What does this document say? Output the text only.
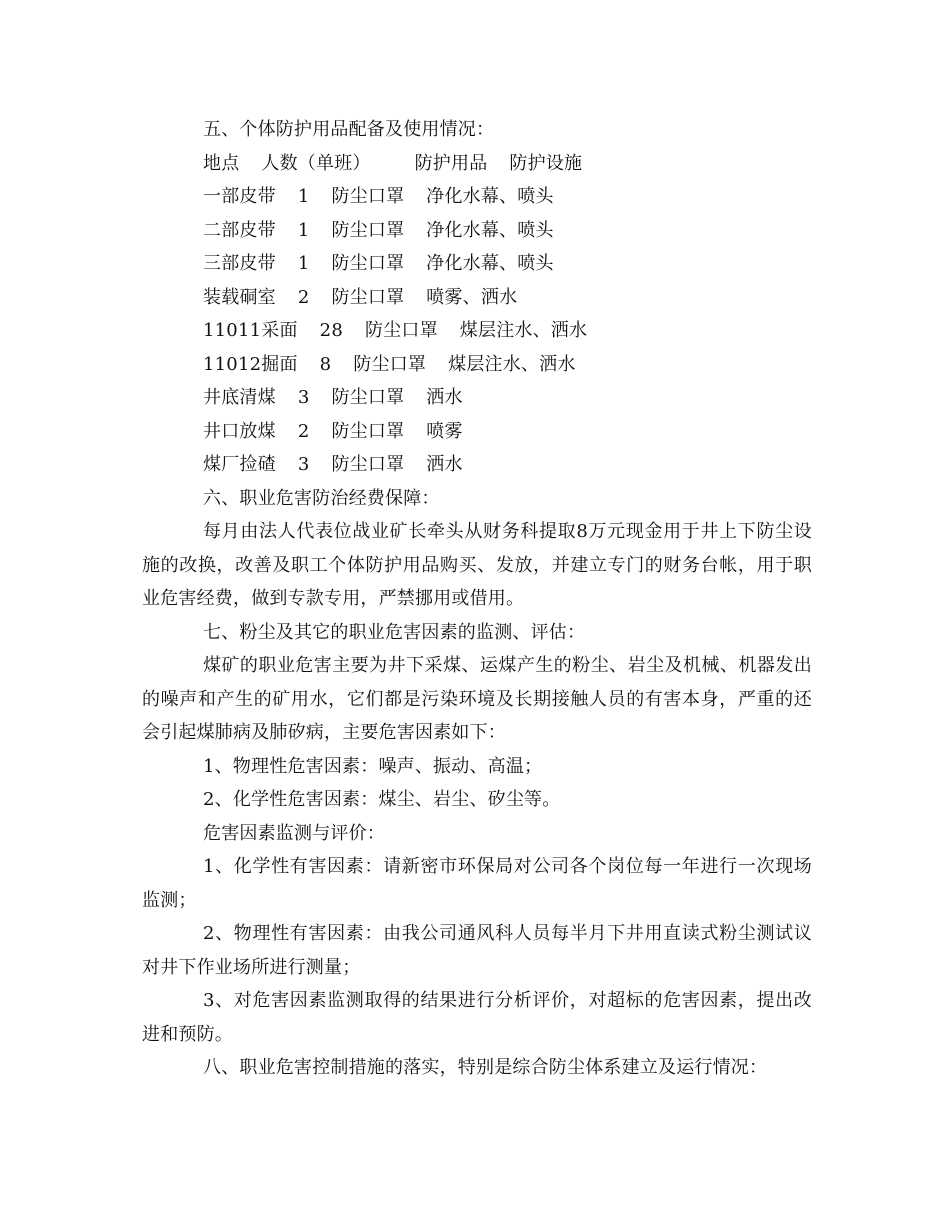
五、个体防护用品配备及使用情况：
地点 人数（单班） 防护用品 防护设施
一部皮带 1 防尘口罩 净化水幕、喷头
二部皮带 1 防尘口罩 净化水幕、喷头
三部皮带 1 防尘口罩 净化水幕、喷头
装载硐室 2 防尘口罩 喷雾、洒水
11011采面 28 防尘口罩 煤层注水、洒水
11012掘面 8 防尘口罩 煤层注水、洒水
井底清煤 3 防尘口罩 洒水
井口放煤 2 防尘口罩 喷雾
煤厂捡碴 3 防尘口罩 洒水
六、职业危害防治经费保障：
每月由法人代表位战业矿长牵头从财务科提取8万元现金用于井上下防尘设施的改换，改善及职工个体防护用品购买、发放，并建立专门的财务台帐，用于职业危害经费，做到专款专用，严禁挪用或借用。
七、粉尘及其它的职业危害因素的监测、评估：
煤矿的职业危害主要为井下采煤、运煤产生的粉尘、岩尘及机械、机器发出的噪声和产生的矿用水，它们都是污染环境及长期接触人员的有害本身，严重的还会引起煤肺病及肺矽病，主要危害因素如下：
1、物理性危害因素：噪声、振动、高温；
2、化学性危害因素：煤尘、岩尘、矽尘等。
危害因素监测与评价：
1、化学性有害因素：请新密市环保局对公司各个岗位每一年进行一次现场监测；
2、物理性有害因素：由我公司通风科人员每半月下井用直读式粉尘测试议对井下作业场所进行测量；
3、对危害因素监测取得的结果进行分析评价，对超标的危害因素，提出改进和预防。
八、职业危害控制措施的落实，特别是综合防尘体系建立及运行情况：
